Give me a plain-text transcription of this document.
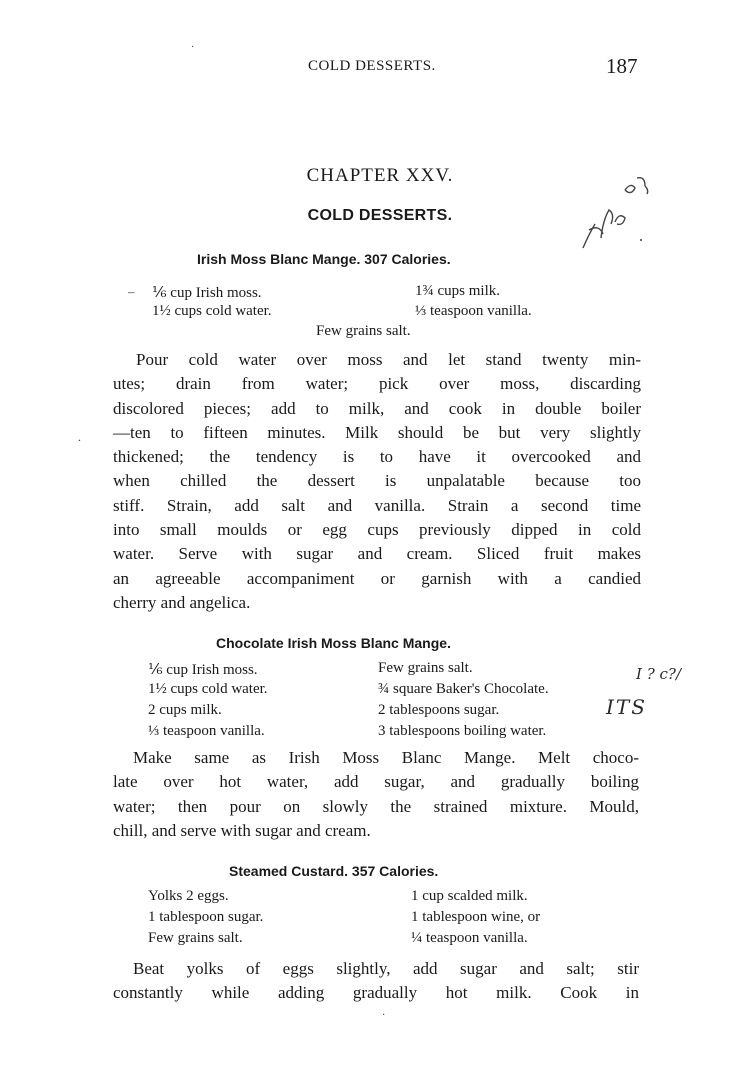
COLD DESSERTS.	187
·
CHAPTER XXV.
COLD DESSERTS.
Irish Moss Blanc Mange. 307 Calories.
– ⅙ cup Irish moss.
1½ cups cold water.
1¾ cups milk.
⅓ teaspoon vanilla.
Few grains salt.
Pour cold water over moss and let stand twenty min-
utes; drain from water; pick over moss, discarding
discolored pieces; add to milk, and cook in double boiler
—ten to fifteen minutes. Milk should be but very slightly
thickened; the tendency is to have it overcooked and
when chilled the dessert is unpalatable because too
stiff. Strain, add salt and vanilla. Strain a second time
into small moulds or egg cups previously dipped in cold
water. Serve with sugar and cream. Sliced fruit makes
an agreeable accompaniment or garnish with a candied
cherry and angelica.
.
Chocolate Irish Moss Blanc Mange.
⅙ cup Irish moss.
1½ cups cold water.
2 cups milk.
⅓ teaspoon vanilla.
Few grains salt.
¾ square Baker's Chocolate.
2 tablespoons sugar.
3 tablespoons boiling water.
I ? c?/
ITS
Make same as Irish Moss Blanc Mange. Melt choco-
late over hot water, add sugar, and gradually boiling
water; then pour on slowly the strained mixture. Mould,
chill, and serve with sugar and cream.
Steamed Custard. 357 Calories.
Yolks 2 eggs.
1 tablespoon sugar.
Few grains salt.
1 cup scalded milk.
1 tablespoon wine, or
¼ teaspoon vanilla.
Beat yolks of eggs slightly, add sugar and salt; stir
constantly while adding gradually hot milk. Cook in
·
